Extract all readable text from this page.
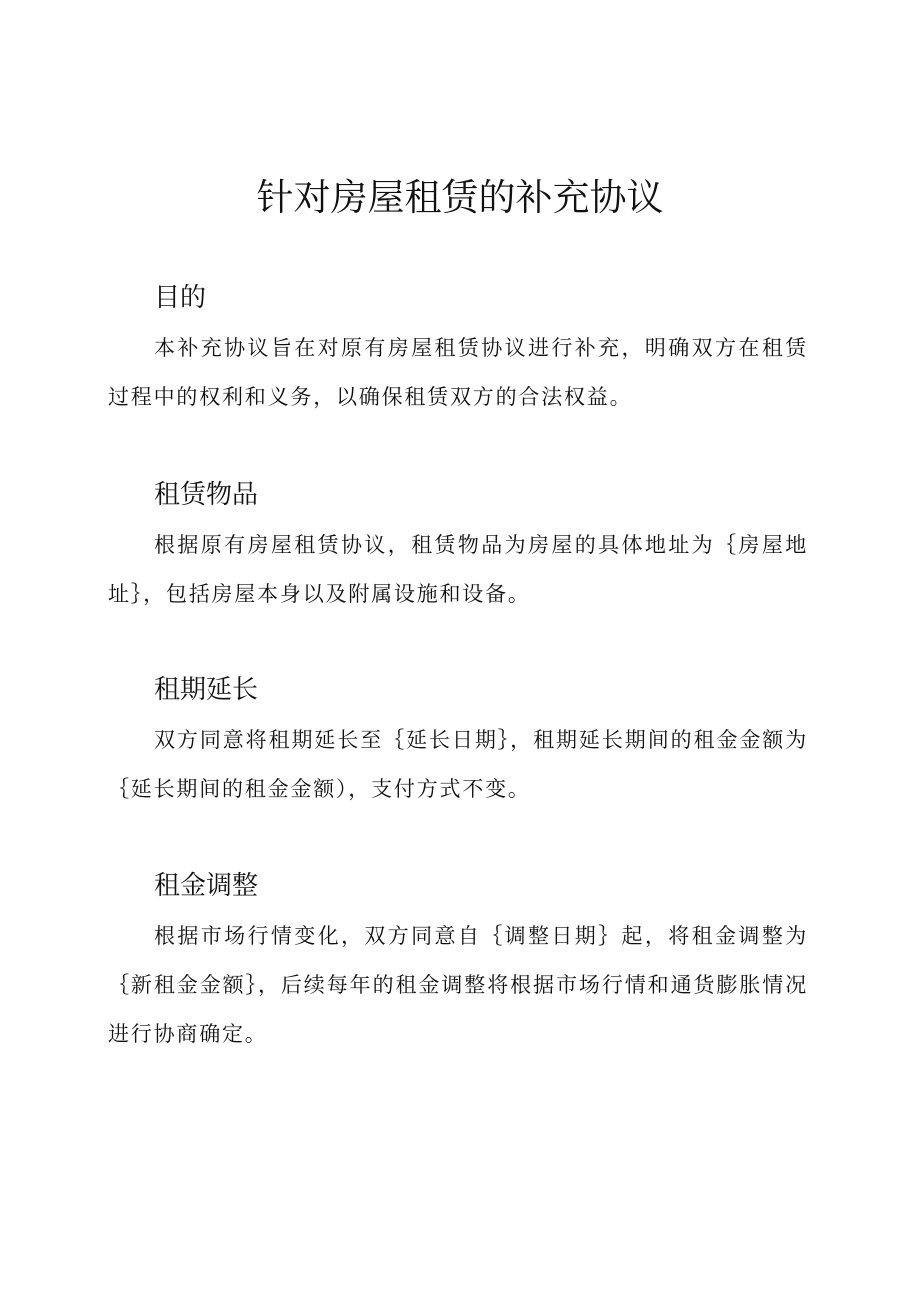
针对房屋租赁的补充协议
目的

本补充协议旨在对原有房屋租赁协议进行补充，明确双方在租赁过程中的权利和义务，以确保租赁双方的合法权益。

租赁物品

根据原有房屋租赁协议，租赁物品为房屋的具体地址为｛房屋地址｝，包括房屋本身以及附属设施和设备。

租期延长

双方同意将租期延长至｛延长日期｝，租期延长期间的租金金额为｛延长期间的租金金额），支付方式不变。

租金调整

根据市场行情变化，双方同意自｛调整日期｝起，将租金调整为｛新租金金额｝，后续每年的租金调整将根据市场行情和通货膨胀情况进行协商确定。
